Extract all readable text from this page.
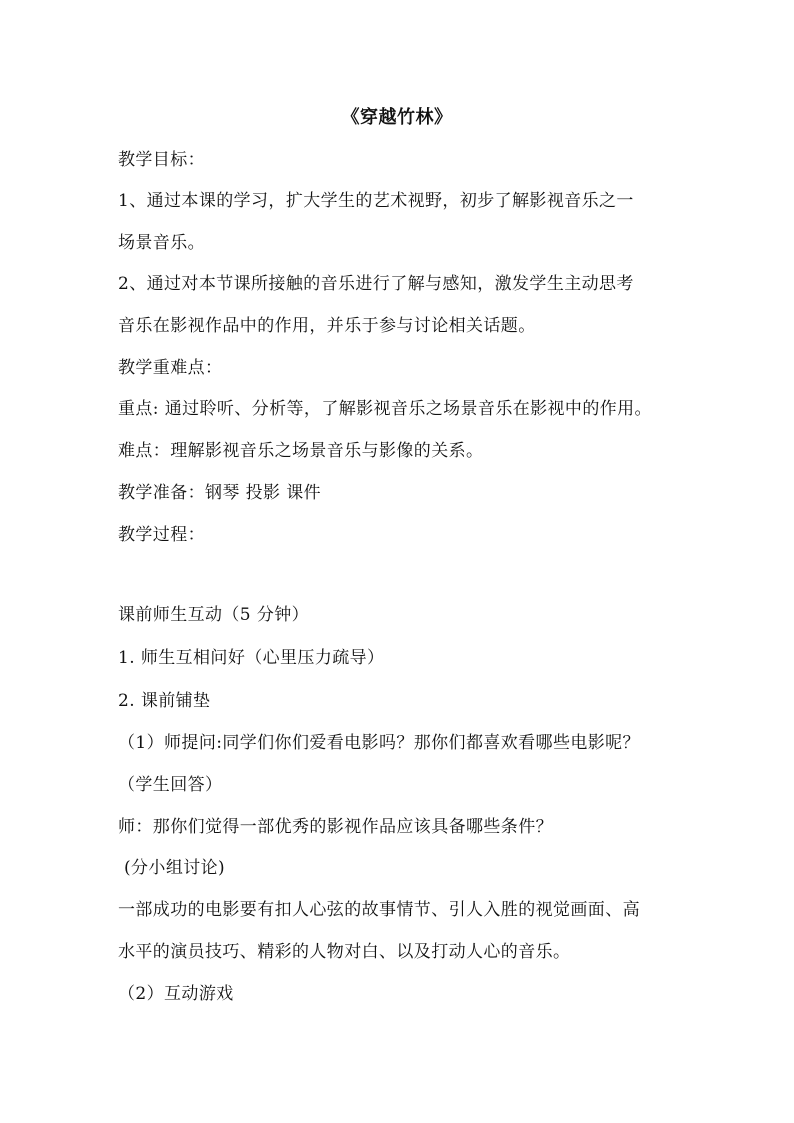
《穿越竹林》
教学目标：
1、通过本课的学习，扩大学生的艺术视野，初步了解影视音乐之一
场景音乐。
2、通过对本节课所接触的音乐进行了解与感知，激发学生主动思考
音乐在影视作品中的作用，并乐于参与讨论相关话题。
教学重难点：
重点: 通过聆听、分析等，了解影视音乐之场景音乐在影视中的作用。
难点：理解影视音乐之场景音乐与影像的关系。
教学准备：钢琴 投影 课件
教学过程：
课前师生互动（5 分钟）
1. 师生互相问好（心里压力疏导）
2. 课前铺垫
（1）师提问:同学们你们爱看电影吗？那你们都喜欢看哪些电影呢？
（学生回答）
师：那你们觉得一部优秀的影视作品应该具备哪些条件？
(分小组讨论)
一部成功的电影要有扣人心弦的故事情节、引人入胜的视觉画面、高
水平的演员技巧、精彩的人物对白、以及打动人心的音乐。
（2）互动游戏
